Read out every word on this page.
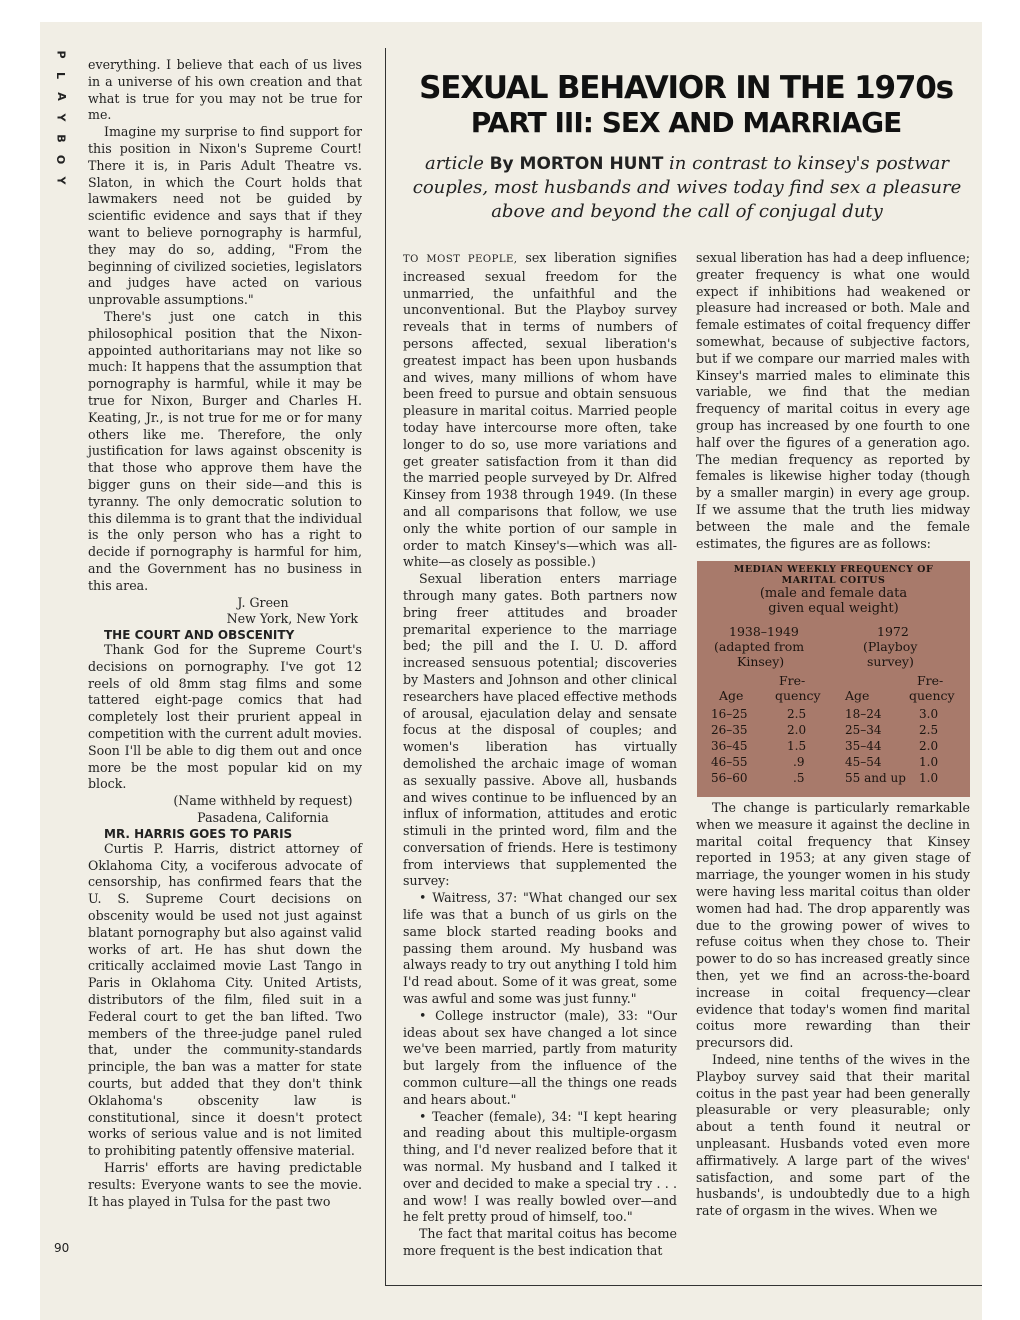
P
L
A
Y
B
O
Y
90

everything. I believe that each of us lives in a universe of his own creation and that what is true for you may not be true for me.

Imagine my surprise to find support for this position in Nixon's Supreme Court! There it is, in Paris Adult Theatre vs. Slaton, in which the Court holds that lawmakers need not be guided by scientific evidence and says that if they want to believe pornography is harmful, they may do so, adding, "From the beginning of civilized societies, legislators and judges have acted on various unprovable assumptions."

There's just one catch in this philosophical position that the Nixon-appointed authoritarians may not like so much: It happens that the assumption that pornography is harmful, while it may be true for Nixon, Burger and Charles H. Keating, Jr., is not true for me or for many others like me. Therefore, the only justification for laws against obscenity is that those who approve them have the bigger guns on their side—and this is tyranny. The only democratic solution to this dilemma is to grant that the individual is the only person who has a right to decide if pornography is harmful for him, and the Government has no business in this area.

J. Green

New York, New York

THE COURT AND OBSCENITY

Thank God for the Supreme Court's decisions on pornography. I've got 12 reels of old 8mm stag films and some tattered eight-page comics that had completely lost their prurient appeal in competition with the current adult movies. Soon I'll be able to dig them out and once more be the most popular kid on my block.

(Name withheld by request)

Pasadena, California

MR. HARRIS GOES TO PARIS

Curtis P. Harris, district attorney of Oklahoma City, a vociferous advocate of censorship, has confirmed fears that the U. S. Supreme Court decisions on obscenity would be used not just against blatant pornography but also against valid works of art. He has shut down the critically acclaimed movie Last Tango in Paris in Oklahoma City. United Artists, distributors of the film, filed suit in a Federal court to get the ban lifted. Two members of the three-judge panel ruled that, under the community-standards principle, the ban was a matter for state courts, but added that they don't think Oklahoma's obscenity law is constitutional, since it doesn't protect works of serious value and is not limited to prohibiting patently offensive material.

Harris' efforts are having predictable results: Everyone wants to see the movie. It has played in Tulsa for the past two

SEXUAL BEHAVIOR IN THE 1970s
PART III: SEX AND MARRIAGE
article By MORTON HUNT in contrast to kinsey's postwar couples, most husbands and wives today find sex a pleasure above and beyond the call of conjugal duty

TO MOST PEOPLE, sex liberation signifies increased sexual freedom for the unmarried, the unfaithful and the unconventional. But the Playboy survey reveals that in terms of numbers of persons affected, sexual liberation's greatest impact has been upon husbands and wives, many millions of whom have been freed to pursue and obtain sensuous pleasure in marital coitus. Married people today have intercourse more often, take longer to do so, use more variations and get greater satisfaction from it than did the married people surveyed by Dr. Alfred Kinsey from 1938 through 1949. (In these and all comparisons that follow, we use only the white portion of our sample in order to match Kinsey's—which was all-white—as closely as possible.)

Sexual liberation enters marriage through many gates. Both partners now bring freer attitudes and broader premarital experience to the marriage bed; the pill and the I. U. D. afford increased sensuous potential; discoveries by Masters and Johnson and other clinical researchers have placed effective methods of arousal, ejaculation delay and sensate focus at the disposal of couples; and women's liberation has virtually demolished the archaic image of woman as sexually passive. Above all, husbands and wives continue to be influenced by an influx of information, attitudes and erotic stimuli in the printed word, film and the conversation of friends. Here is testimony from interviews that supplemented the survey:

• Waitress, 37: "What changed our sex life was that a bunch of us girls on the same block started reading books and passing them around. My husband was always ready to try out anything I told him I'd read about. Some of it was great, some was awful and some was just funny."

• College instructor (male), 33: "Our ideas about sex have changed a lot since we've been married, partly from maturity but largely from the influence of the common culture—all the things one reads and hears about."

• Teacher (female), 34: "I kept hearing and reading about this multiple-orgasm thing, and I'd never realized before that it was normal. My husband and I talked it over and decided to make a special try . . . and wow! I was really bowled over—and he felt pretty proud of himself, too."

The fact that marital coitus has become more frequent is the best indication that

sexual liberation has had a deep influence; greater frequency is what one would expect if inhibitions had weakened or pleasure had increased or both. Male and female estimates of coital frequency differ somewhat, because of subjective factors, but if we compare our married males with Kinsey's married males to eliminate this variable, we find that the median frequency of marital coitus in every age group has increased by one fourth to one half over the figures of a generation ago. The median frequency as reported by females is likewise higher today (though by a smaller margin) in every age group. If we assume that the truth lies midway between the male and the female estimates, the figures are as follows:

MEDIAN WEEKLY FREQUENCY OF
MARITAL COITUS
(male and female data
given equal weight)
1938–1949
(adapted from
Kinsey)
1972
(Playboy
survey)
Fre-
quency
Age
Fre-
quency
Age
16–25
26–35
36–45
46–55
56–60
2.5
2.0
1.5
.9
.5
18–24
25–34
35–44
45–54
55 and up
3.0
2.5
2.0
1.0
1.0

The change is particularly remarkable when we measure it against the decline in marital coital frequency that Kinsey reported in 1953; at any given stage of marriage, the younger women in his study were having less marital coitus than older women had had. The drop apparently was due to the growing power of wives to refuse coitus when they chose to. Their power to do so has increased greatly since then, yet we find an across-the-board increase in coital frequency—clear evidence that today's women find marital coitus more rewarding than their precursors did.

Indeed, nine tenths of the wives in the Playboy survey said that their marital coitus in the past year had been generally pleasurable or very pleasurable; only about a tenth found it neutral or unpleasant. Husbands voted even more affirmatively. A large part of the wives' satisfaction, and some part of the husbands', is undoubtedly due to a high rate of orgasm in the wives. When we
